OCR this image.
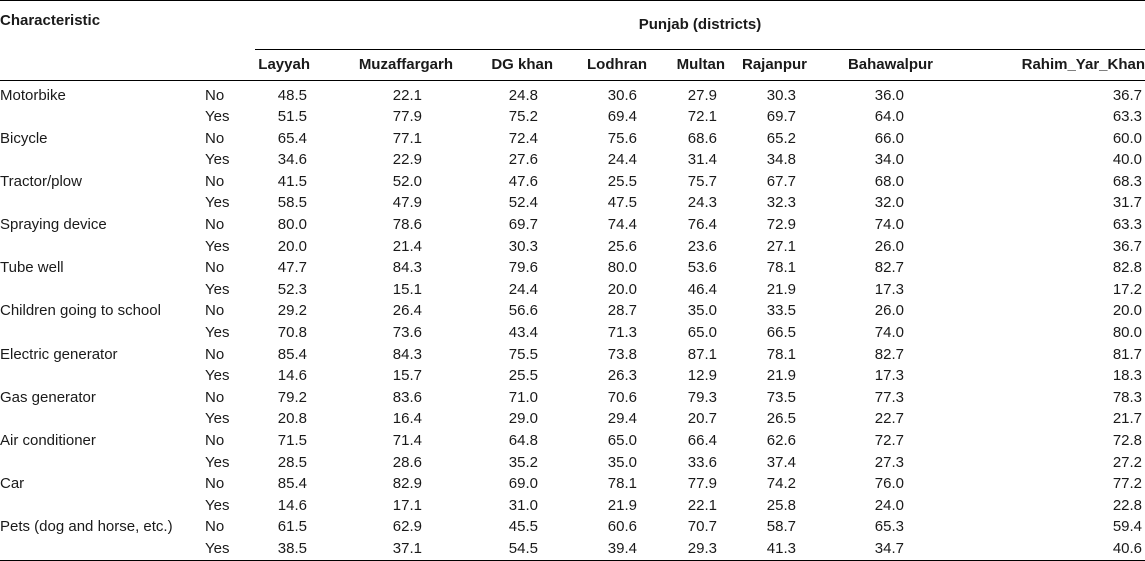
Characteristic		Punjab (districts)							
		Layyah	Muzaffargarh	DG khan	Lodhran	Multan	Rajanpur	Bahawalpur	Rahim_Yar_Khan
Motorbike	No	48.5	22.1	24.8	30.6	27.9	30.3	36.0	36.7
	Yes	51.5	77.9	75.2	69.4	72.1	69.7	64.0	63.3
Bicycle	No	65.4	77.1	72.4	75.6	68.6	65.2	66.0	60.0
	Yes	34.6	22.9	27.6	24.4	31.4	34.8	34.0	40.0
Tractor/plow	No	41.5	52.0	47.6	25.5	75.7	67.7	68.0	68.3
	Yes	58.5	47.9	52.4	47.5	24.3	32.3	32.0	31.7
Spraying device	No	80.0	78.6	69.7	74.4	76.4	72.9	74.0	63.3
	Yes	20.0	21.4	30.3	25.6	23.6	27.1	26.0	36.7
Tube well	No	47.7	84.3	79.6	80.0	53.6	78.1	82.7	82.8
	Yes	52.3	15.1	24.4	20.0	46.4	21.9	17.3	17.2
Children going to school	No	29.2	26.4	56.6	28.7	35.0	33.5	26.0	20.0
	Yes	70.8	73.6	43.4	71.3	65.0	66.5	74.0	80.0
Electric generator	No	85.4	84.3	75.5	73.8	87.1	78.1	82.7	81.7
	Yes	14.6	15.7	25.5	26.3	12.9	21.9	17.3	18.3
Gas generator	No	79.2	83.6	71.0	70.6	79.3	73.5	77.3	78.3
	Yes	20.8	16.4	29.0	29.4	20.7	26.5	22.7	21.7
Air conditioner	No	71.5	71.4	64.8	65.0	66.4	62.6	72.7	72.8
	Yes	28.5	28.6	35.2	35.0	33.6	37.4	27.3	27.2
Car	No	85.4	82.9	69.0	78.1	77.9	74.2	76.0	77.2
	Yes	14.6	17.1	31.0	21.9	22.1	25.8	24.0	22.8
Pets (dog and horse, etc.)	No	61.5	62.9	45.5	60.6	70.7	58.7	65.3	59.4
	Yes	38.5	37.1	54.5	39.4	29.3	41.3	34.7	40.6
